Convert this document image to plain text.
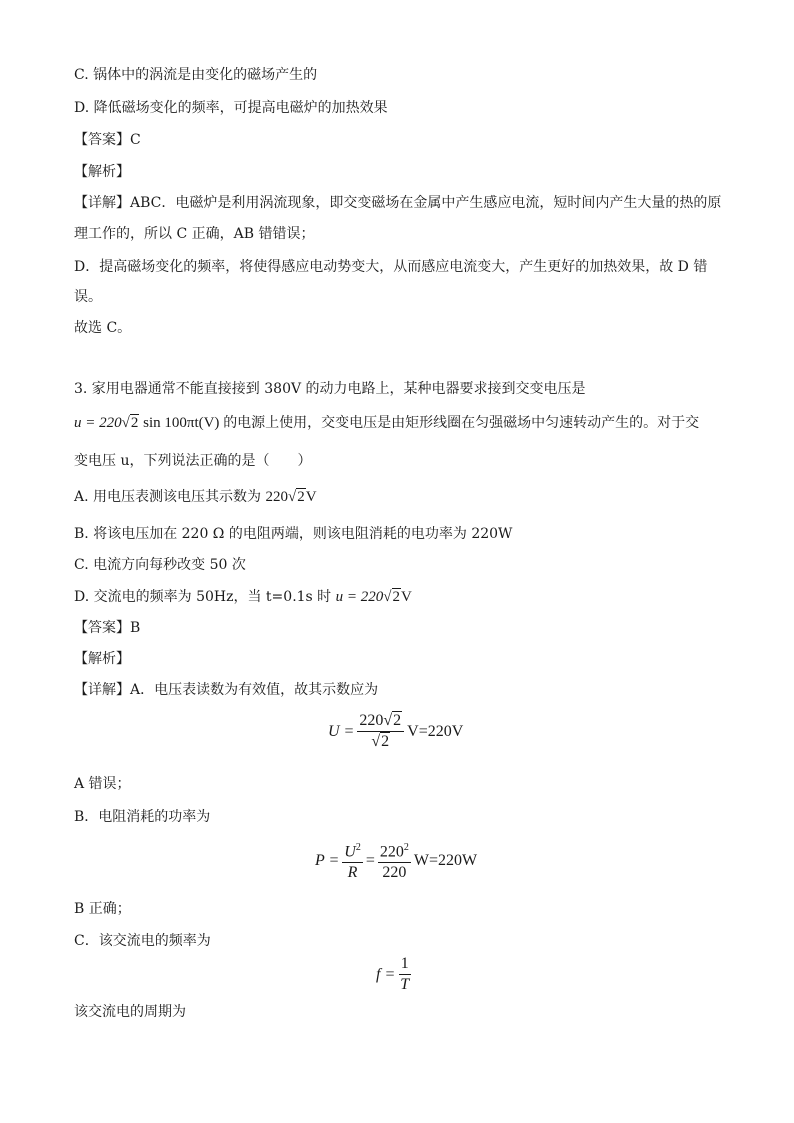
C. 锅体中的涡流是由变化的磁场产生的
D. 降低磁场变化的频率，可提高电磁炉的加热效果
【答案】C
【解析】
【详解】ABC．电磁炉是利用涡流现象，即交变磁场在金属中产生感应电流，短时间内产生大量的热的原
理工作的，所以 C 正确，AB 错错误；
D．提高磁场变化的频率，将使得感应电动势变大，从而感应电流变大，产生更好的加热效果，故 D 错
误。
故选 C。
3. 家用电器通常不能直接接到 380V 的动力电路上，某种电器要求接到交变电压是
u = 220√2 sin 100πt(V) 的电源上使用，交变电压是由矩形线圈在匀强磁场中匀速转动产生的。对于交
变电压 u，下列说法正确的是（　　）
A. 用电压表测该电压其示数为 220√2V
B. 将该电压加在 220 Ω 的电阻两端，则该电阻消耗的电功率为 220W
C. 电流方向每秒改变 50 次
D. 交流电的频率为 50Hz，当 t=0.1s 时 u = 220√2V
【答案】B
【解析】
【详解】A．电压表读数为有效值，故其示数应为
$U = \frac{220√2}{√2} V=220V$
A 错误；
B．电阻消耗的功率为
$P = \frac{U^2}{R} = \frac{220^2}{220} W=220W$
B 正确；
C．该交流电的频率为
$f = \frac{1}{T}$
该交流电的周期为
